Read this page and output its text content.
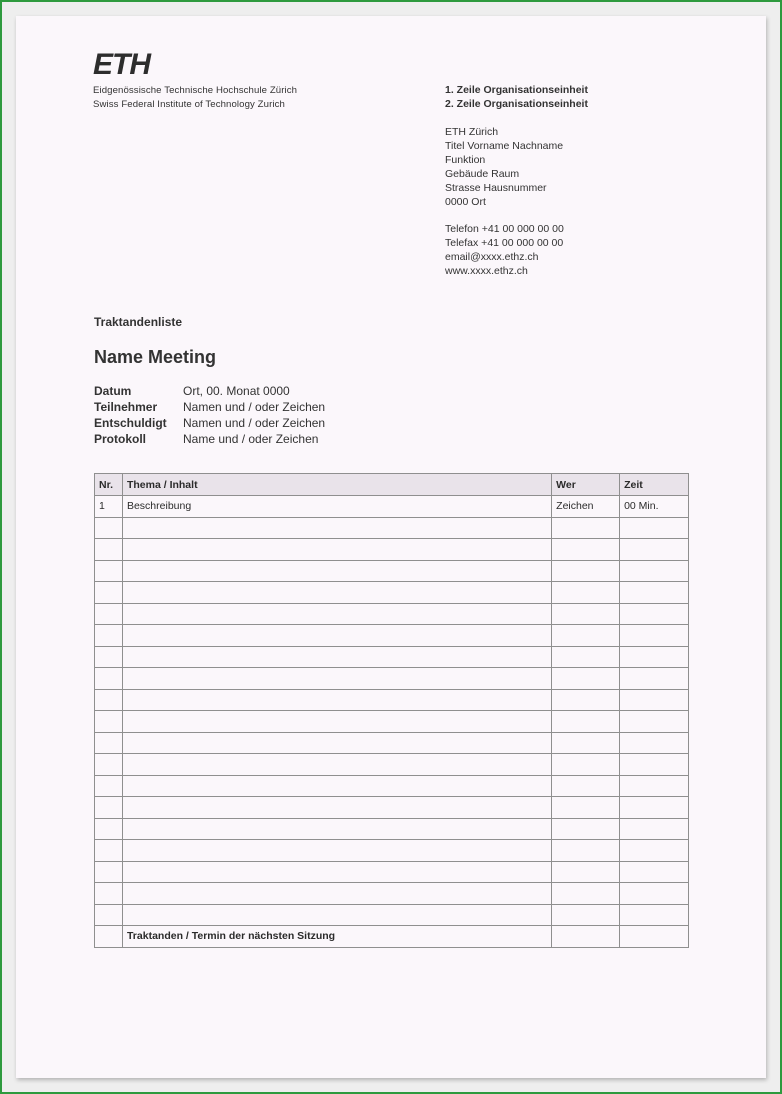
ETH
Eidgenössische Technische Hochschule Zürich
Swiss Federal Institute of Technology Zurich
1. Zeile Organisationseinheit
2. Zeile Organisationseinheit
ETH Zürich
Titel Vorname Nachname
Funktion
Gebäude Raum
Strasse Hausnummer
0000 Ort
Telefon +41 00 000 00 00
Telefax +41 00 000 00 00
email@xxxx.ethz.ch
www.xxxx.ethz.ch
Traktandenliste
Name Meeting
Datum	Ort, 00. Monat 0000
Teilnehmer	Namen und / oder Zeichen
Entschuldigt	Namen und / oder Zeichen
Protokoll	Name und / oder Zeichen
Nr.	Thema / Inhalt	Wer	Zeit
1	Beschreibung	Zeichen	00 Min.

	Traktanden / Termin der nächsten Sitzung		
